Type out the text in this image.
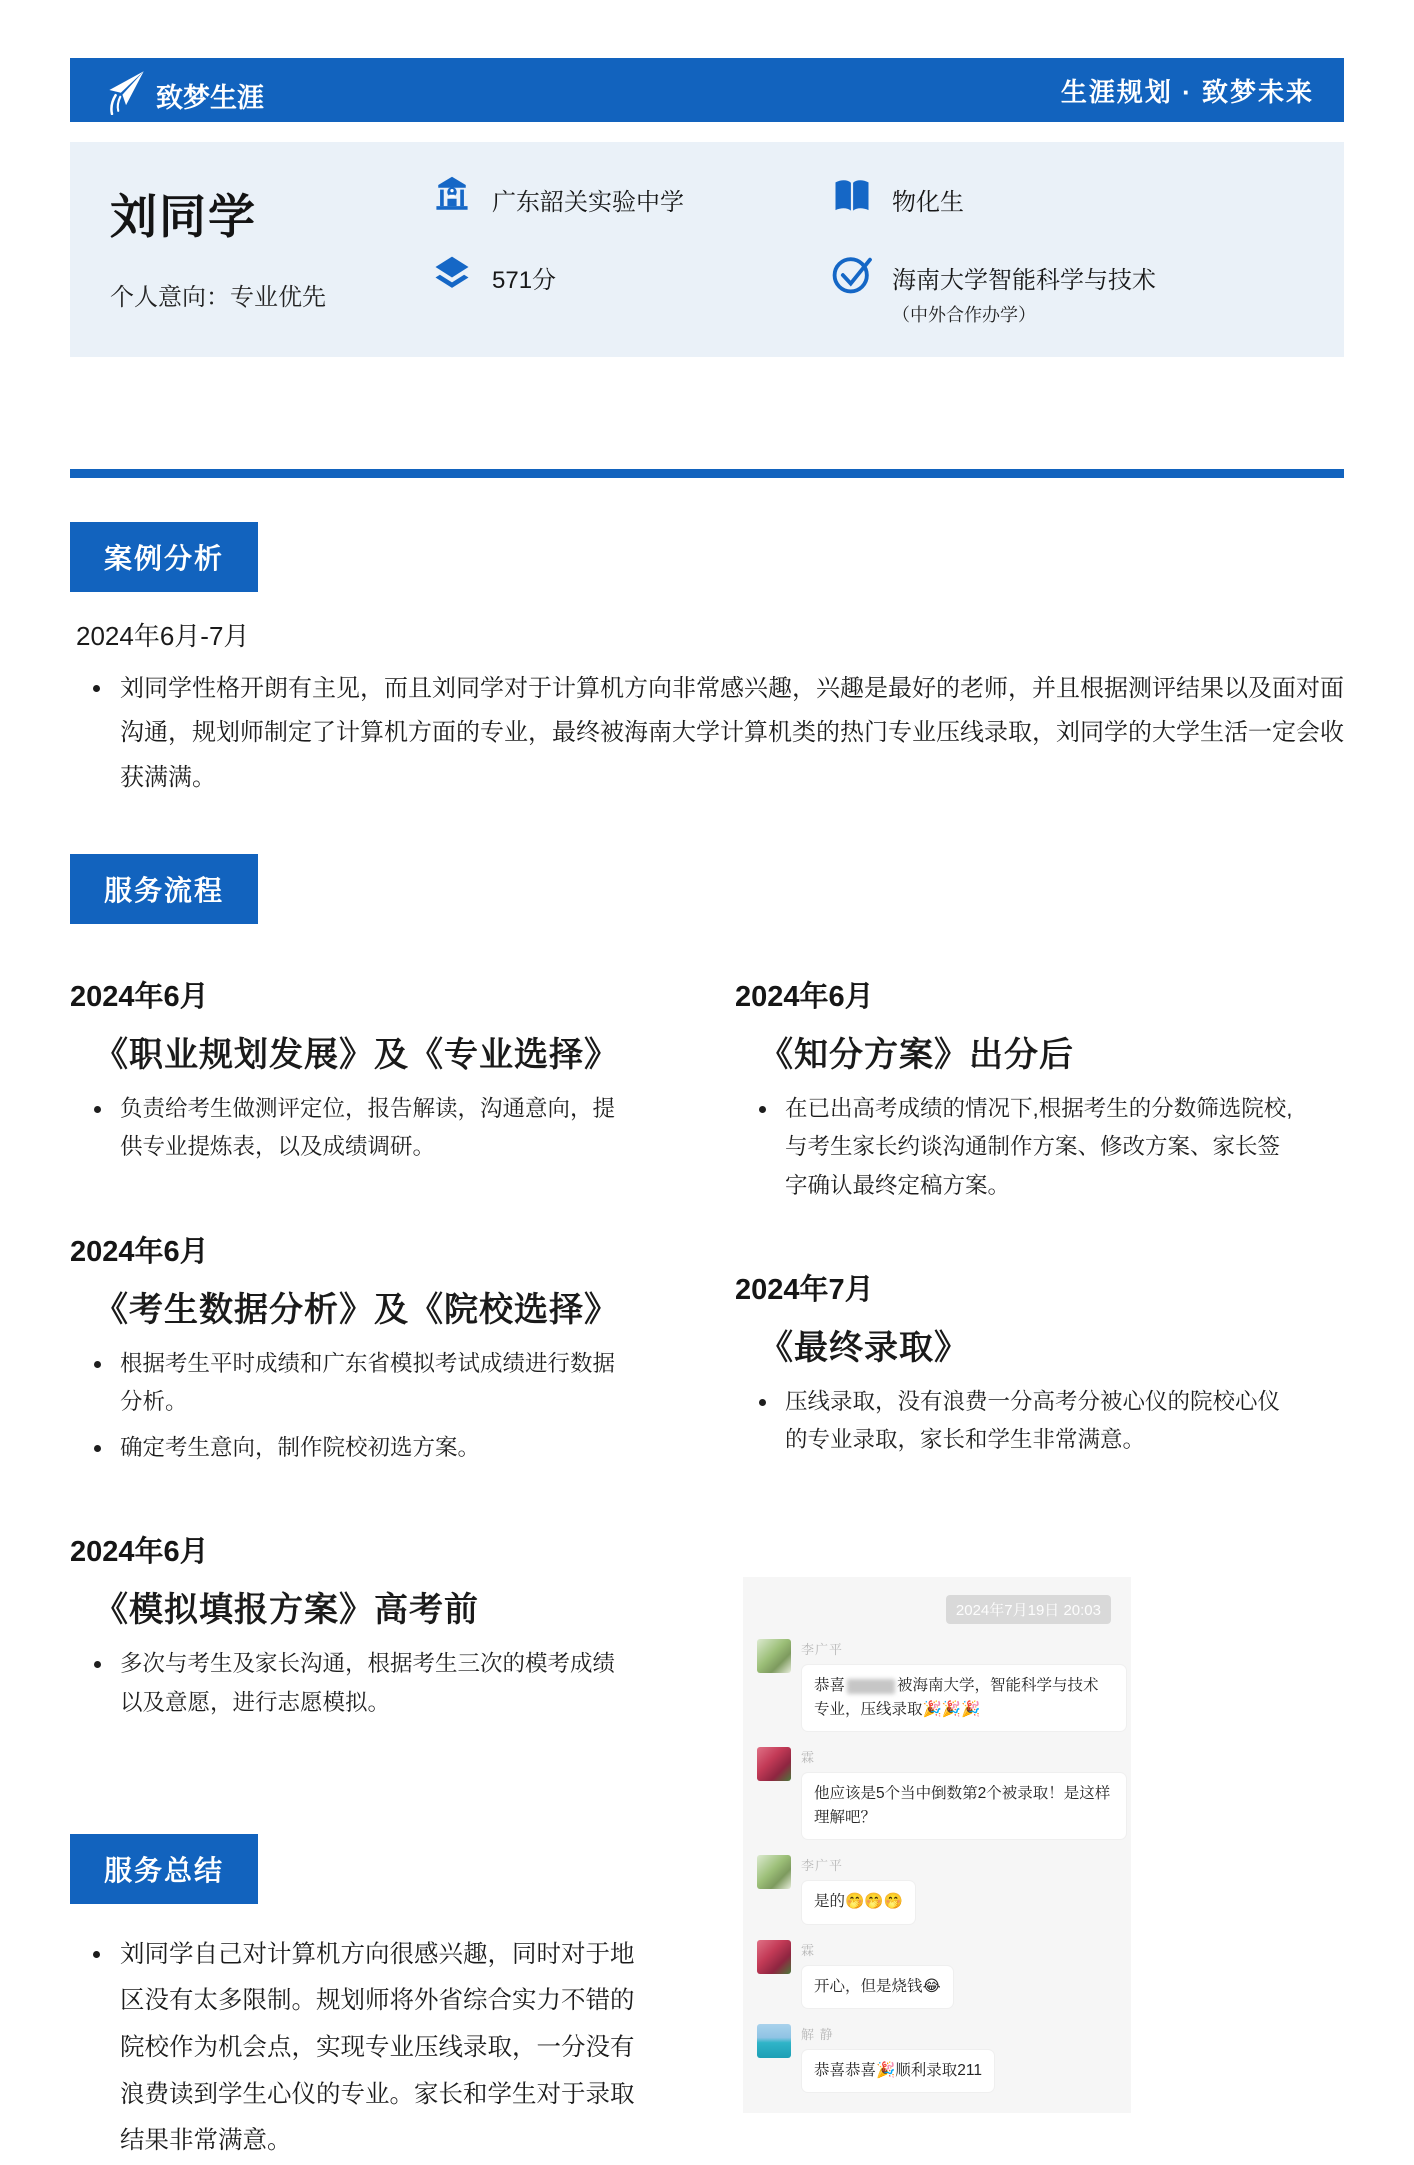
致梦生涯	生涯规划 · 致梦未来
刘同学
个人意向：专业优先
广东韶关实验中学
571分
物化生
海南大学智能科学与技术
（中外合作办学）
案例分析
2024年6月-7月
• 刘同学性格开朗有主见，而且刘同学对于计算机方向非常感兴趣，兴趣是最好的老师，并且根据测评结果以及面对面沟通，规划师制定了计算机方面的专业，最终被海南大学计算机类的热门专业压线录取，刘同学的大学生活一定会收获满满。
服务流程
2024年6月
《职业规划发展》及《专业选择》
• 负责给考生做测评定位，报告解读，沟通意向，提供专业提炼表，以及成绩调研。
2024年6月
《考生数据分析》及《院校选择》
• 根据考生平时成绩和广东省模拟考试成绩进行数据分析。
• 确定考生意向，制作院校初选方案。
2024年6月
《模拟填报方案》高考前
• 多次与考生及家长沟通，根据考生三次的模考成绩以及意愿，进行志愿模拟。
服务总结
• 刘同学自己对计算机方向很感兴趣，同时对于地区没有太多限制。规划师将外省综合实力不错的院校作为机会点，实现专业压线录取，一分没有浪费读到学生心仪的专业。家长和学生对于录取结果非常满意。
2024年6月
《知分方案》出分后
• 在已出高考成绩的情况下,根据考生的分数筛选院校,与考生家长约谈沟通制作方案、修改方案、家长签字确认最终定稿方案。
2024年7月
《最终录取》
• 压线录取，没有浪费一分高考分被心仪的院校心仪的专业录取，家长和学生非常满意。
2024年7月19日 20:03
李广平
恭喜	被海南大学，智能科学与技术专业，压线录取🎉🎉🎉
霖
他应该是5个当中倒数第2个被录取！是这样理解吧？
李广平
是的🤭🤭🤭
霖
开心，但是烧钱😂
解 静
恭喜恭喜🎉顺利录取211
